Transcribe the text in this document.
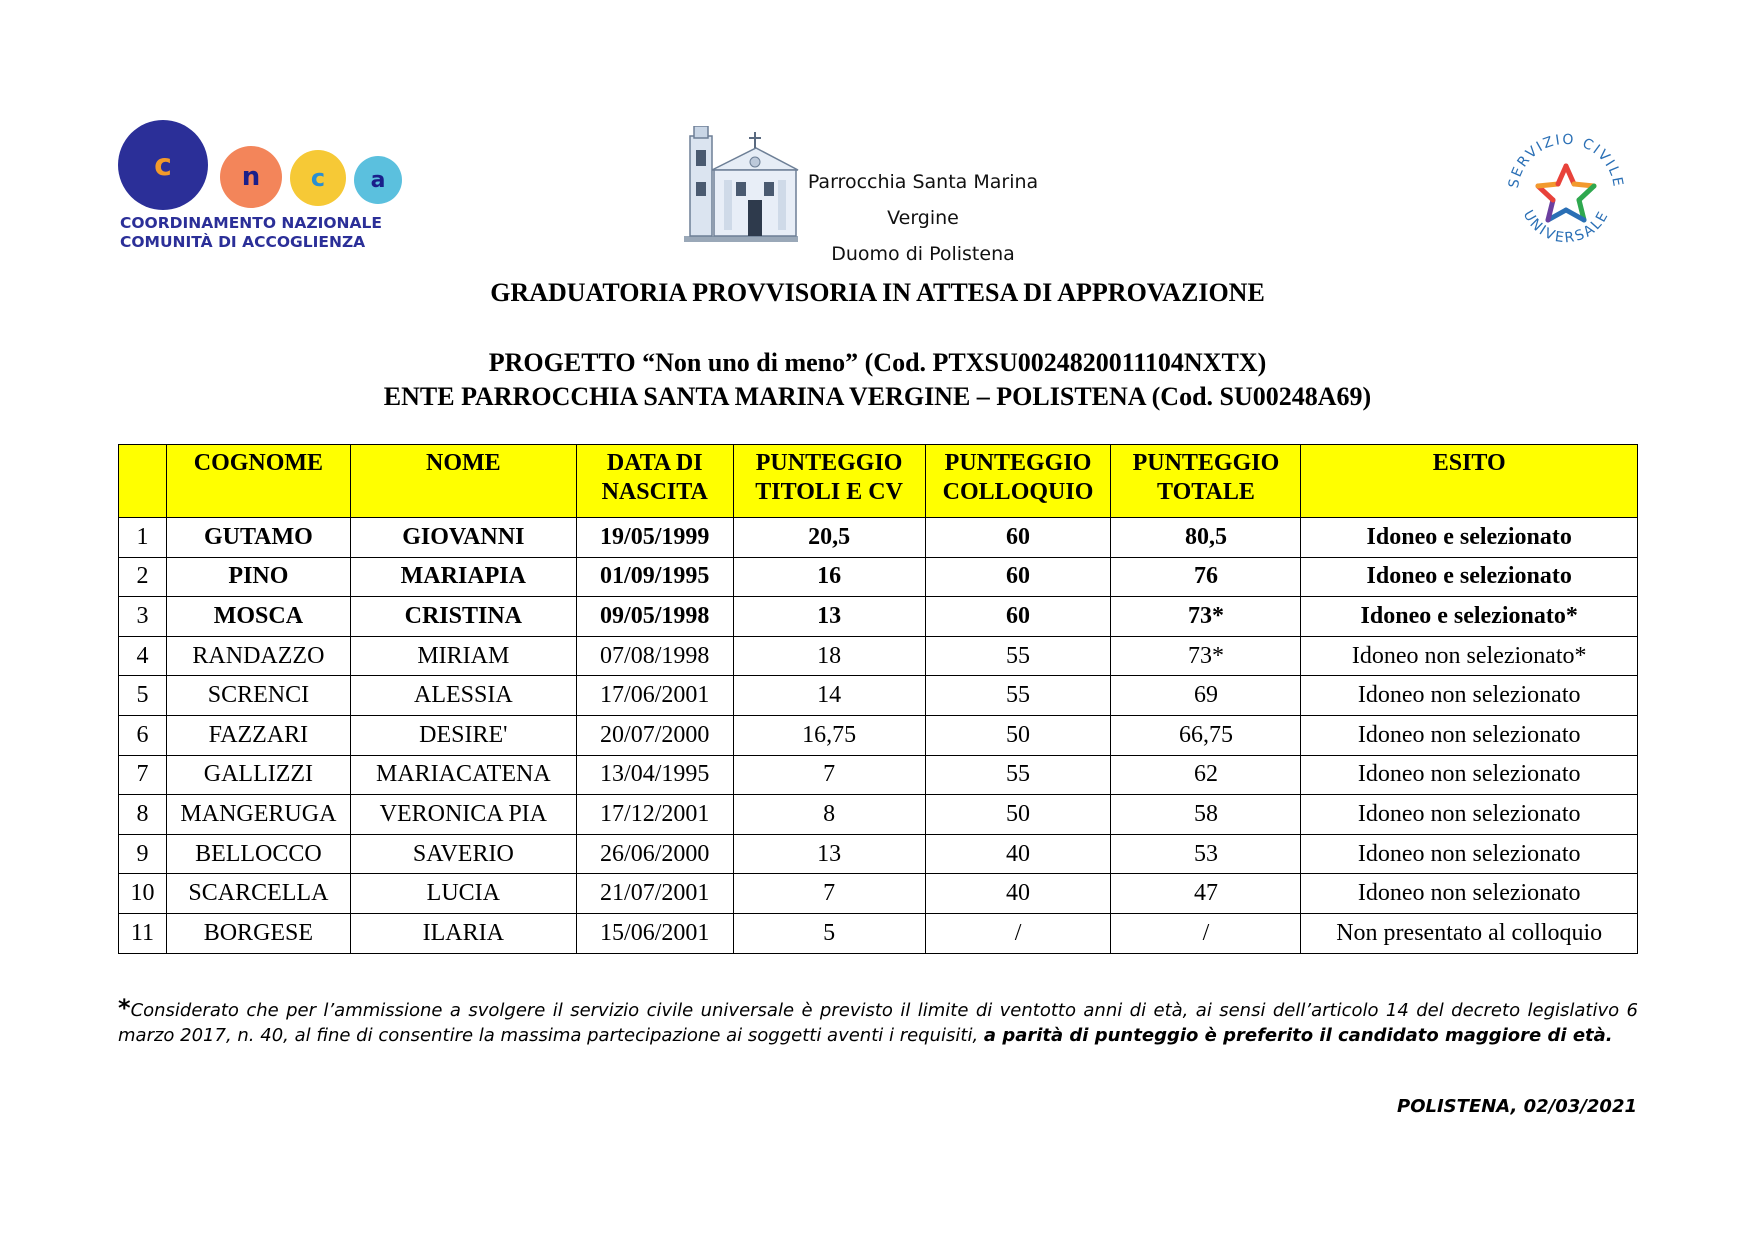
c	n	c	a
COORDINAMENTO NAZIONALE
COMUNITÀ DI ACCOGLIENZA
Parrocchia Santa Marina Vergine
Duomo di Polistena
SERVIZIO CIVILE
UNIVERSALE
GRADUATORIA PROVVISORIA IN ATTESA DI APPROVAZIONE
PROGETTO “Non uno di meno” (Cod. PTXSU0024820011104NXTX)
ENTE PARROCCHIA SANTA MARINA VERGINE – POLISTENA (Cod. SU00248A69)
	COGNOME	NOME	DATA DI NASCITA	PUNTEGGIO TITOLI E CV	PUNTEGGIO COLLOQUIO	PUNTEGGIO TOTALE	ESITO
1	GUTAMO	GIOVANNI	19/05/1999	20,5	60	80,5	Idoneo e selezionato
2	PINO	MARIAPIA	01/09/1995	16	60	76	Idoneo e selezionato
3	MOSCA	CRISTINA	09/05/1998	13	60	73*	Idoneo e selezionato*
4	RANDAZZO	MIRIAM	07/08/1998	18	55	73*	Idoneo non selezionato*
5	SCRENCI	ALESSIA	17/06/2001	14	55	69	Idoneo non selezionato
6	FAZZARI	DESIRE'	20/07/2000	16,75	50	66,75	Idoneo non selezionato
7	GALLIZZI	MARIACATENA	13/04/1995	7	55	62	Idoneo non selezionato
8	MANGERUGA	VERONICA PIA	17/12/2001	8	50	58	Idoneo non selezionato
9	BELLOCCO	SAVERIO	26/06/2000	13	40	53	Idoneo non selezionato
10	SCARCELLA	LUCIA	21/07/2001	7	40	47	Idoneo non selezionato
11	BORGESE	ILARIA	15/06/2001	5	/	/	Non presentato al colloquio
*Considerato che per l’ammissione a svolgere il servizio civile universale è previsto il limite di ventotto anni di età, ai sensi dell’articolo 14 del decreto legislativo 6 marzo 2017, n. 40, al fine di consentire la massima partecipazione ai soggetti aventi i requisiti, a parità di punteggio è preferito il candidato maggiore di età.
POLISTENA, 02/03/2021
